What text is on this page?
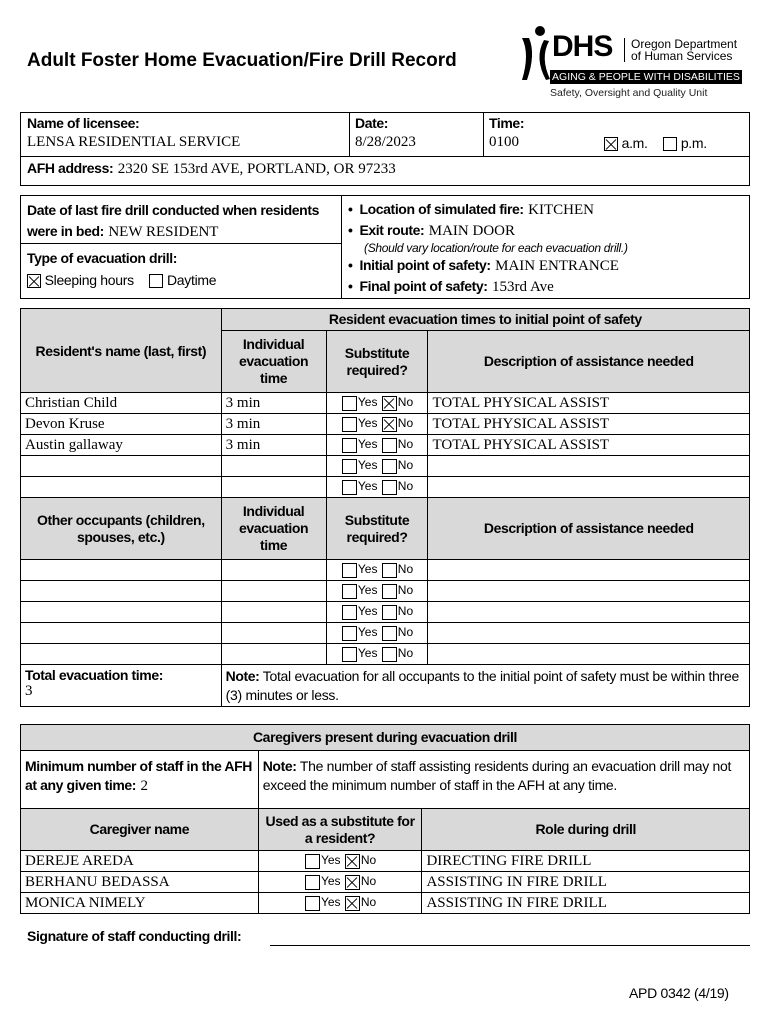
Adult Foster Home Evacuation/Fire Drill Record	DHS Oregon Department
of Human Services
AGING & PEOPLE WITH DISABILITIES
Safety, Oversight and Quality Unit
Name of licensee:
LENSA RESIDENTIAL SERVICE
Date:
8/28/2023
Time:
0100	a.m. p.m.
AFH address: 2320 SE 153rd AVE, PORTLAND, OR 97233
Date of last fire drill conducted when residents were in bed: NEW RESIDENT
Type of evacuation drill:
Sleeping hours Daytime
•  Location of simulated fire: KITCHEN
•  Exit route: MAIN DOOR
(Should vary location/route for each evacuation drill.)
•  Initial point of safety: MAIN ENTRANCE
•  Final point of safety: 153rd Ave
Resident's name (last, first)	Resident evacuation times to initial point of safety		
	Individual evacuation time	Substitute required?	Description of assistance needed
Christian Child	3 min	Yes No	TOTAL PHYSICAL ASSIST
Devon Kruse	3 min	Yes No	TOTAL PHYSICAL ASSIST
Austin gallaway	3 min	Yes No	TOTAL PHYSICAL ASSIST
		Yes No	
		Yes No	
Other occupants (children, spouses, etc.)	Individual evacuation time	Substitute required?	Description of assistance needed
		Yes No	
		Yes No	
		Yes No	
		Yes No	
		Yes No	

Total evacuation time:
3	Note: Total evacuation for all occupants to the initial point of safety must be within three (3) minutes or less.		
Caregivers present during evacuation drill		
Minimum number of staff in the AFH at any given time: 2	Note: The number of staff assisting residents during an evacuation drill may not exceed the minimum number of staff in the AFH at any time.	
Caregiver name	Used as a substitute for a resident?	Role during drill
DEREJE AREDA	Yes No	DIRECTING FIRE DRILL
BERHANU BEDASSA	Yes No	ASSISTING IN FIRE DRILL
MONICA NIMELY	Yes No	ASSISTING IN FIRE DRILL
Signature of staff conducting drill:
APD 0342 (4/19)
